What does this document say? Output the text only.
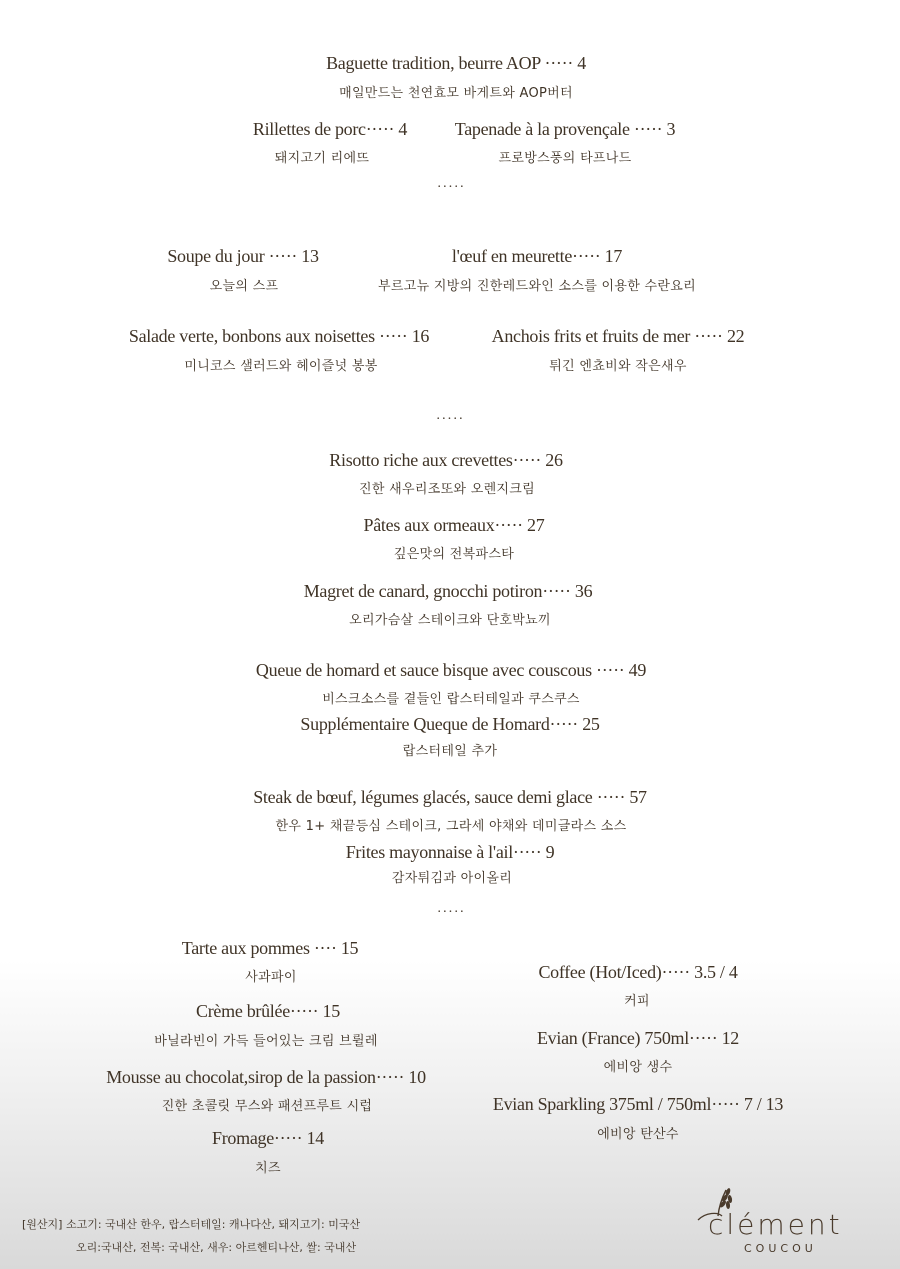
Baguette tradition, beurre AOP ····· 4
매일만드는 천연효모 바게트와 AOP버터
Rillettes de porc····· 4
돼지고기 리에뜨
Tapenade à la provençale ····· 3
프로방스풍의 타프나드
·····
Soupe du jour ····· 13
오늘의 스프
l'œuf en meurette····· 17
부르고뉴 지방의 진한레드와인 소스를 이용한 수란요리
Salade verte, bonbons aux noisettes ····· 16
미니코스 샐러드와 헤이즐넛 봉봉
Anchois frits et fruits de mer ····· 22
튀긴 엔쵸비와 작은새우
·····
Risotto riche aux crevettes····· 26
진한 새우리조또와 오렌지크림
Pâtes aux ormeaux····· 27
깊은맛의 전복파스타
Magret de canard, gnocchi potiron····· 36
오리가슴살 스테이크와 단호박뇨끼
Queue de homard et sauce bisque avec couscous ····· 49
비스크소스를 곁들인 랍스터테일과 쿠스쿠스
Supplémentaire Queque de Homard····· 25
랍스터테일 추가
Steak de bœuf, légumes glacés, sauce demi glace ····· 57
한우 1+ 채끝등심 스테이크, 그라세 야채와 데미글라스 소스
Frites mayonnaise à l'ail····· 9
감자튀김과 아이올리
·····
Tarte aux pommes ···· 15
사과파이
Crème brûlée····· 15
바닐라빈이 가득 들어있는 크림 브륄레
Mousse au chocolat,sirop de la passion····· 10
진한 초콜릿 무스와 패션프루트 시럽
Fromage····· 14
치즈
Coffee (Hot/Iced)····· 3.5 / 4
커피
Evian (France) 750ml····· 12
에비앙 생수
Evian Sparkling 375ml / 750ml····· 7 / 13
에비앙 탄산수
[원산지] 소고기: 국내산 한우, 랍스터테일: 캐나다산, 돼지고기: 미국산
오리:국내산, 전복: 국내산, 새우: 아르헨티나산, 쌀: 국내산
clément
COUCOU
